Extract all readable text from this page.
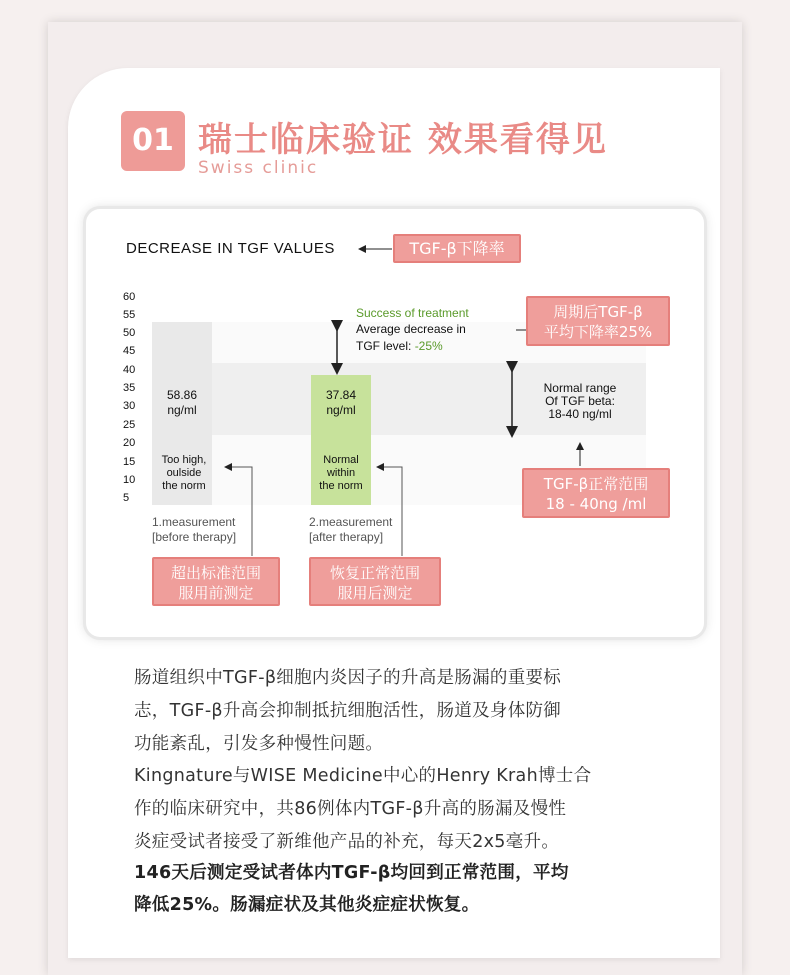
01 瑞士临床验证 效果看得见
Swiss clinic
DECREASE IN TGF VALUES	TGF-β下降率
60
55
50
45
40
35
30
25
20
15
10
5
58.86
ng/ml
37.84
ng/ml
Too high,
oulside
the norm
Normal
within
the norm
Success of treatment
Average decrease in
TGF level: -25%
Normal range
Of TGF beta:
18-40 ng/ml
1.measurement
[before therapy]
2.measurement
[after therapy]
周期后TGF-β
平均下降率25%
TGF-β正常范围
18 - 40ng /ml
超出标准范围
服用前测定
恢复正常范围
服用后测定
肠道组织中TGF-β细胞内炎因子的升高是肠漏的重要标
志，TGF-β升高会抑制抵抗细胞活性，肠道及身体防御
功能紊乱，引发多种慢性问题。
Kingnature与WISE Medicine中心的Henry Krah博士合
作的临床研究中，共86例体内TGF-β升高的肠漏及慢性
炎症受试者接受了新维他产品的补充，每天2x5毫升。
146天后测定受试者体内TGF-β均回到正常范围，平均
降低25%。肠漏症状及其他炎症症状恢复。
